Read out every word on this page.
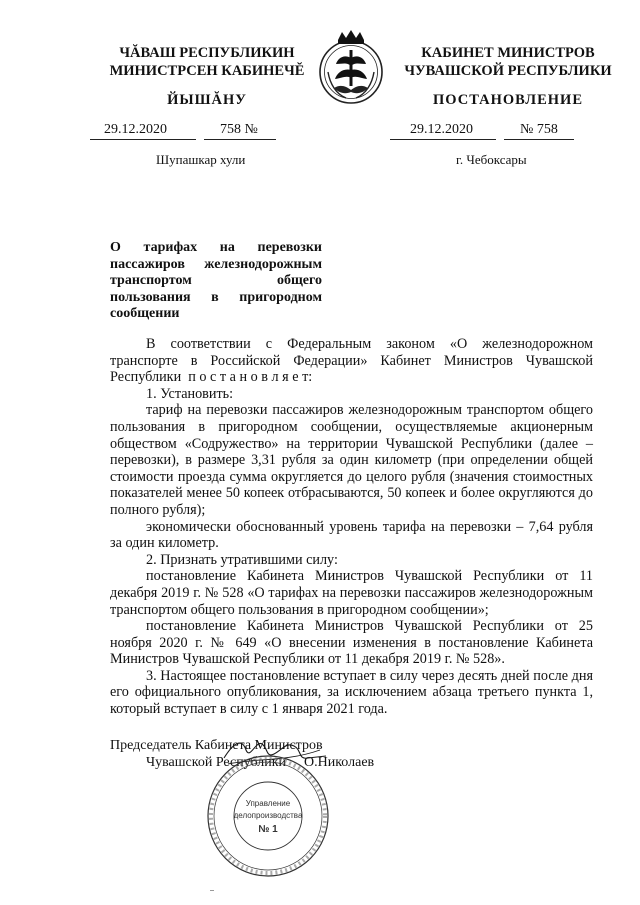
ЧĂВАШ РЕСПУБЛИКИН
МИНИСТРСЕН КАБИНЕЧĔ
КАБИНЕТ МИНИСТРОВ
ЧУВАШСКОЙ РЕСПУБЛИКИ
ЙЫШĂНУ	ПОСТАНОВЛЕНИЕ
29.12.2020	758 №	29.12.2020	№ 758
Шупашкар хули	г. Чебоксары
О тарифах на перевозки пассажиров железнодорожным транспортом общего пользования в пригородном сообщении

В соответствии с Федеральным законом «О железнодорожном транспорте в Российской Федерации» Кабинет Министров Чувашской Республики п о с т а н о в л я е т:

1. Установить:

тариф на перевозки пассажиров железнодорожным транспортом общего пользования в пригородном сообщении, осуществляемые акционерным обществом «Содружество» на территории Чувашской Республики (далее – перевозки), в размере 3,31 рубля за один километр (при определении общей стоимости проезда сумма округляется до целого рубля (значения стоимостных показателей менее 50 копеек отбрасываются, 50 копеек и более округляются до полного рубля);

экономически обоснованный уровень тарифа на перевозки – 7,64 рубля за один километр.

2. Признать утратившими силу:

постановление Кабинета Министров Чувашской Республики от 11 декабря 2019 г. № 528 «О тарифах на перевозки пассажиров железнодорожным транспортом общего пользования в пригородном сообщении»;

постановление Кабинета Министров Чувашской Республики от 25 ноября 2020 г. № 649 «О внесении изменения в постановление Кабинета Министров Чувашской Республики от 11 декабря 2019 г. № 528».

3. Настоящее постановление вступает в силу через десять дней после дня его официального опубликования, за исключением абзаца третьего пункта 1, который вступает в силу с 1 января 2021 года.

Председатель Кабинета Министров
Чувашской Республики О.Николаев
Управление
делопроизводства
№ 1
